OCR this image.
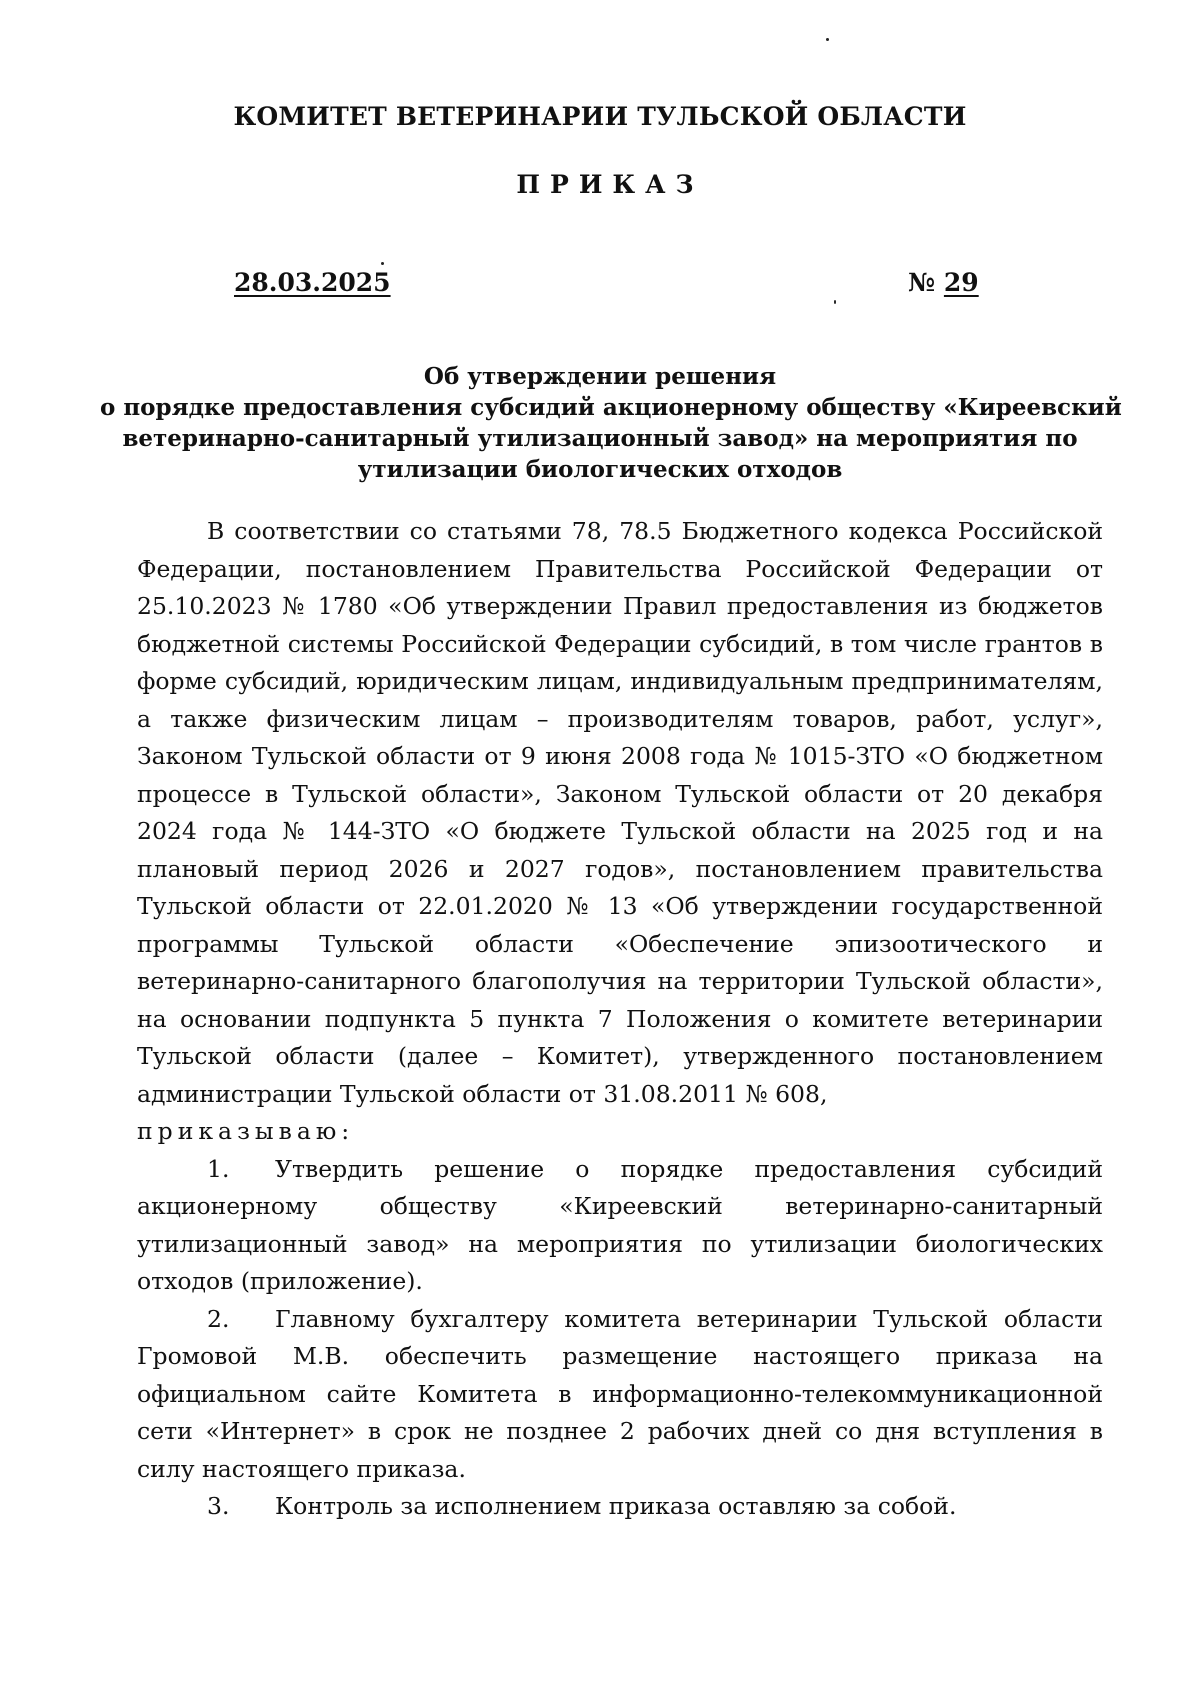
КОМИТЕТ ВЕТЕРИНАРИИ ТУЛЬСКОЙ ОБЛАСТИ
ПРИКАЗ
28.03.2025	№ 29
Об утверждении решения
о порядке предоставления субсидий акционерному обществу «Киреевский
ветеринарно-санитарный утилизационный завод» на мероприятия по
утилизации биологических отходов

В соответствии со статьями 78, 78.5 Бюджетного кодекса Российской Федерации, постановлением Правительства Российской Федерации от 25.10.2023 № 1780 «Об утверждении Правил предоставления из бюджетов бюджетной системы Российской Федерации субсидий, в том числе грантов в форме субсидий, юридическим лицам, индивидуальным предпринимателям, а также физическим лицам – производителям товаров, работ, услуг», Законом Тульской области от 9 июня 2008 года № 1015-ЗТО «О бюджетном процессе в Тульской области», Законом Тульской области от 20 декабря 2024 года № 144-ЗТО «О бюджете Тульской области на 2025 год и на плановый период 2026 и 2027 годов», постановлением правительства Тульской области от 22.01.2020 № 13 «Об утверждении государственной программы Тульской области «Обеспечение эпизоотического и ветеринарно-санитарного благополучия на территории Тульской области», на основании подпункта 5 пункта 7 Положения о комитете ветеринарии Тульской области (далее – Комитет), утвержденного постановлением администрации Тульской области от 31.08.2011 № 608,

приказываю:

1. Утвердить решение о порядке предоставления субсидий акционерному обществу «Киреевский ветеринарно-санитарный утилизационный завод» на мероприятия по утилизации биологических отходов (приложение).

2. Главному бухгалтеру комитета ветеринарии Тульской области Громовой М.В. обеспечить размещение настоящего приказа на официальном сайте Комитета в информационно-телекоммуникационной сети «Интернет» в срок не позднее 2 рабочих дней со дня вступления в силу настоящего приказа.

3. Контроль за исполнением приказа оставляю за собой.
